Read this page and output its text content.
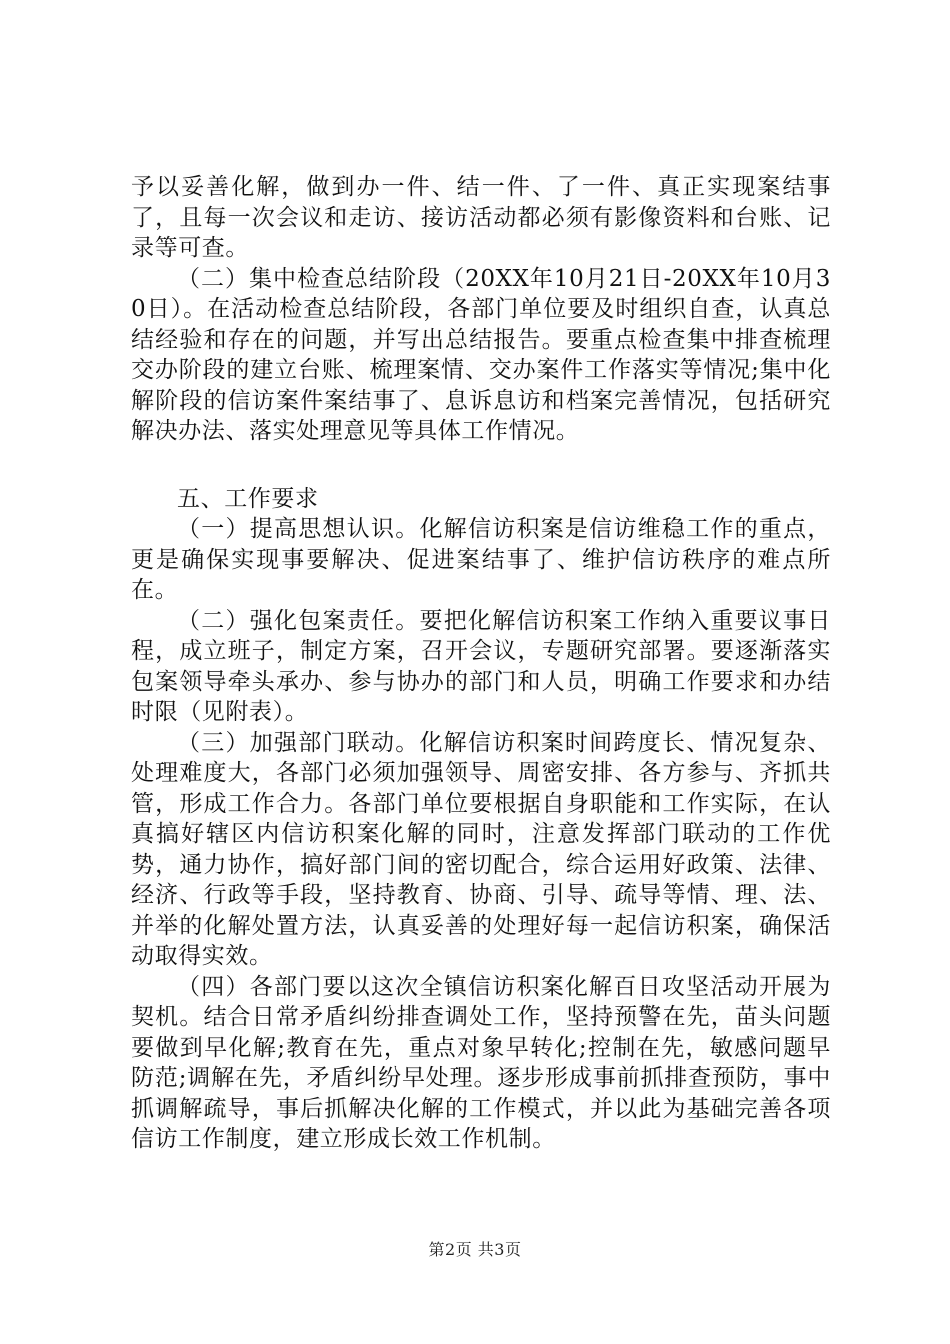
予以妥善化解，做到办一件、结一件、了一件、真正实现案结事了，且每一次会议和走访、接访活动都必须有影像资料和台账、记录等可查。

（二）集中检查总结阶段（20XX年10月21日-20XX年10月30日）。在活动检查总结阶段，各部门单位要及时组织自查，认真总结经验和存在的问题，并写出总结报告。要重点检查集中排查梳理交办阶段的建立台账、梳理案情、交办案件工作落实等情况;集中化解阶段的信访案件案结事了、息诉息访和档案完善情况，包括研究解决办法、落实处理意见等具体工作情况。

五、工作要求

（一）提高思想认识。化解信访积案是信访维稳工作的重点，更是确保实现事要解决、促进案结事了、维护信访秩序的难点所在。

（二）强化包案责任。要把化解信访积案工作纳入重要议事日程，成立班子，制定方案，召开会议，专题研究部署。要逐渐落实包案领导牵头承办、参与协办的部门和人员，明确工作要求和办结时限（见附表）。

（三）加强部门联动。化解信访积案时间跨度长、情况复杂、处理难度大，各部门必须加强领导、周密安排、各方参与、齐抓共管，形成工作合力。各部门单位要根据自身职能和工作实际，在认真搞好辖区内信访积案化解的同时，注意发挥部门联动的工作优势，通力协作，搞好部门间的密切配合，综合运用好政策、法律、经济、行政等手段，坚持教育、协商、引导、疏导等情、理、法、并举的化解处置方法，认真妥善的处理好每一起信访积案，确保活动取得实效。

（四）各部门要以这次全镇信访积案化解百日攻坚活动开展为契机。结合日常矛盾纠纷排查调处工作，坚持预警在先，苗头问题要做到早化解;教育在先，重点对象早转化;控制在先，敏感问题早防范;调解在先，矛盾纠纷早处理。逐步形成事前抓排查预防，事中抓调解疏导，事后抓解决化解的工作模式，并以此为基础完善各项信访工作制度，建立形成长效工作机制。

第2页 共3页
